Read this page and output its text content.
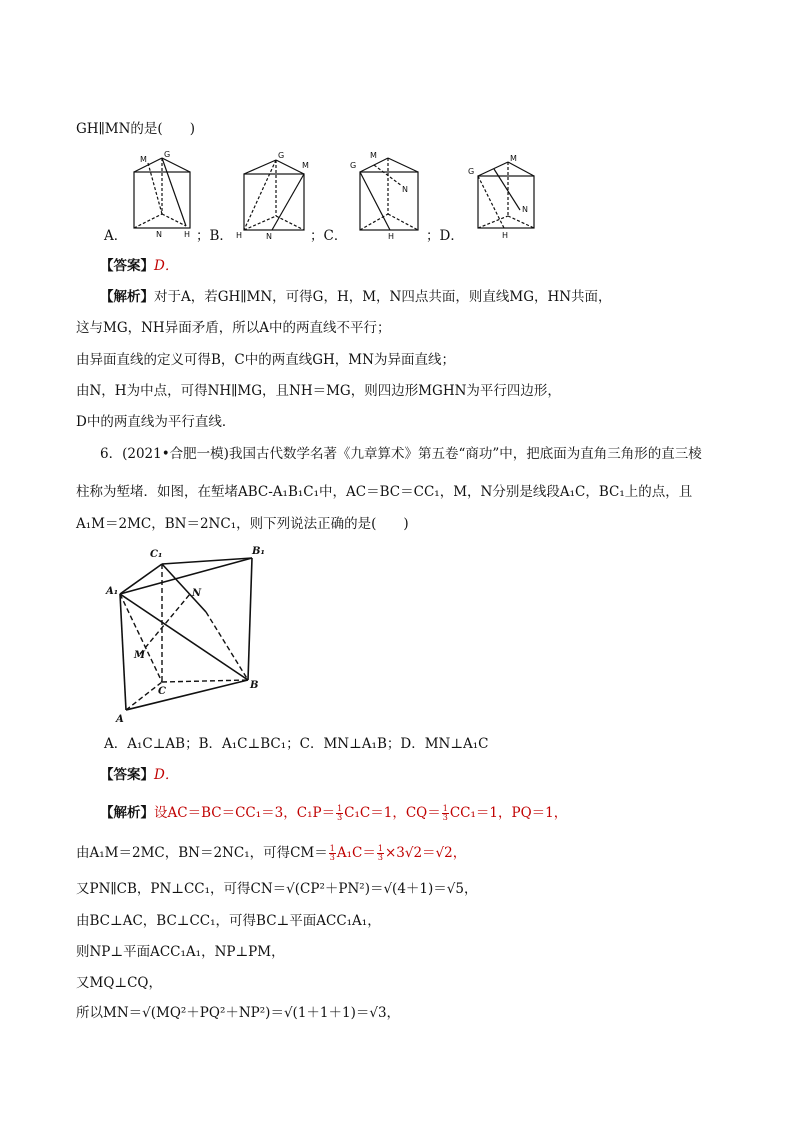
GH∥MN的是(　　)
M
G
N	H
A．
G
M
H	N
；B．
G
M
N
H
；C．
G
M
N
H
；D．
【答案】D．
【解析】对于A，若GH∥MN，可得G，H，M，N四点共面，则直线MG，HN共面，
这与MG，NH异面矛盾，所以A中的两直线不平行；
由异面直线的定义可得B，C中的两直线GH，MN为异面直线；
由N，H为中点，可得NH∥MG，且NH＝MG，则四边形MGHN为平行四边形，
D中的两直线为平行直线．
6．(2021•合肥一模)我国古代数学名著《九章算术》第五卷“商功”中，把底面为直角三角形的直三棱
柱称为堑堵．如图，在堑堵ABC-A₁B₁C₁中，AC＝BC＝CC₁，M，N分别是线段A₁C，BC₁上的点，且
A₁M＝2MC，BN＝2NC₁，则下列说法正确的是(　　)
C₁	B₁
A₁	N
M
C
B
A
A．A₁C⊥AB；B．A₁C⊥BC₁；C．MN⊥A₁B；D．MN⊥A₁C
【答案】D．
【解析】设AC＝BC＝CC₁＝3，$C_1P= \frac{1}{3} C_1C=1$，$CQ= \frac{1}{3} CC_1=1$，PQ＝1，
由A₁M＝2MC，BN＝2NC₁，可得$CM= \frac{1}{3} A_1C= \frac{1}{3} \times 3√2=√2$，
又PN∥CB，PN⊥CC₁，可得CN＝√(CP²＋PN²)＝√(4＋1)＝√5，
由BC⊥AC，BC⊥CC₁，可得BC⊥平面ACC₁A₁，
则NP⊥平面ACC₁A₁，NP⊥PM，
又MQ⊥CQ，
所以MN＝√(MQ²＋PQ²＋NP²)＝√(1＋1＋1)＝√3，
